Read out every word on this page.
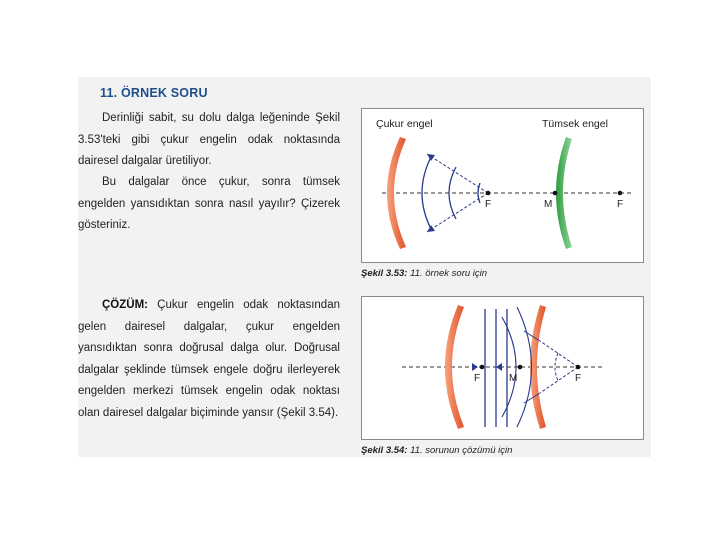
11. ÖRNEK SORU
Derinliği sabit, su dolu dalga leğeninde Şekil 3.53'teki gibi çukur engelin odak noktasında dairesel dalgalar üretiliyor.
Bu dalgalar önce çukur, sonra tümsek engelden yansıdıktan sonra nasıl yayılır? Çizerek gösteriniz.
ÇÖZÜM: Çukur engelin odak noktasından gelen dairesel dalgalar, çukur engelden yansıdıktan sonra doğrusal dalga olur. Doğrusal dalgalar şeklinde tümsek engele doğru ilerleyerek engelden merkezi tümsek engelin odak noktası olan dairesel dalgalar biçiminde yansır (Şekil 3.54).
Çukur engel	Tümsek engel
F	M	F
Şekil 3.53: 11. örnek soru için
F	M	F
Şekil 3.54: 11. sorunun çözümü için
